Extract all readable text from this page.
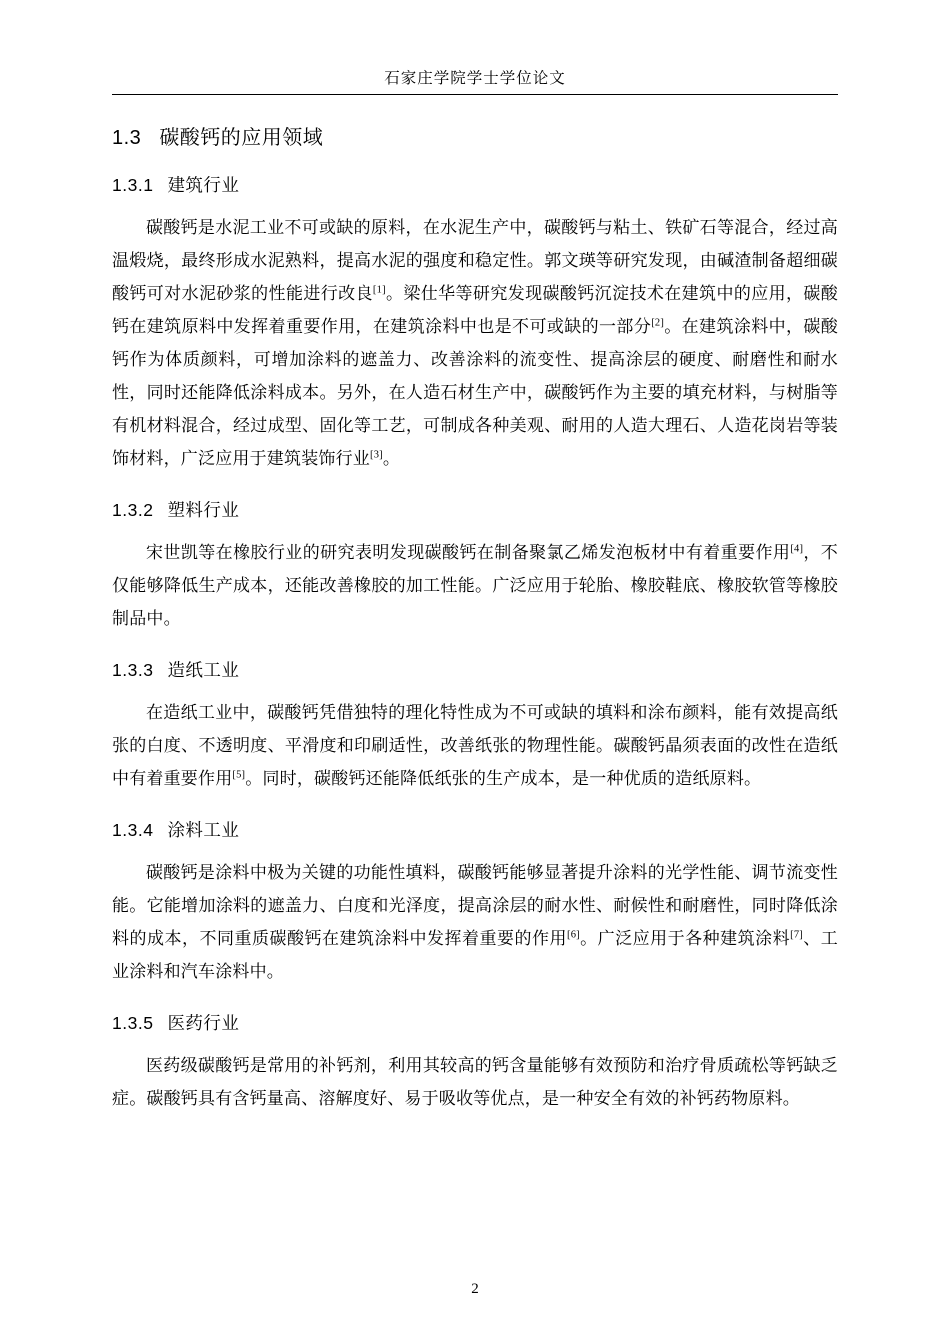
石家庄学院学士学位论文
1.3 碳酸钙的应用领域
1.3.1 建筑行业

碳酸钙是水泥工业不可或缺的原料，在水泥生产中，碳酸钙与粘土、铁矿石等混合，经过高温煅烧，最终形成水泥熟料，提高水泥的强度和稳定性。郭文瑛等研究发现，由碱渣制备超细碳酸钙可对水泥砂浆的性能进行改良[1]。梁仕华等研究发现碳酸钙沉淀技术在建筑中的应用，碳酸钙在建筑原料中发挥着重要作用，在建筑涂料中也是不可或缺的一部分[2]。在建筑涂料中，碳酸钙作为体质颜料，可增加涂料的遮盖力、改善涂料的流变性、提高涂层的硬度、耐磨性和耐水性，同时还能降低涂料成本。另外，在人造石材生产中，碳酸钙作为主要的填充材料，与树脂等有机材料混合，经过成型、固化等工艺，可制成各种美观、耐用的人造大理石、人造花岗岩等装饰材料，广泛应用于建筑装饰行业[3]。

1.3.2 塑料行业

宋世凯等在橡胶行业的研究表明发现碳酸钙在制备聚氯乙烯发泡板材中有着重要作用[4]，不仅能够降低生产成本，还能改善橡胶的加工性能。广泛应用于轮胎、橡胶鞋底、橡胶软管等橡胶制品中。

1.3.3 造纸工业

在造纸工业中，碳酸钙凭借独特的理化特性成为不可或缺的填料和涂布颜料，能有效提高纸张的白度、不透明度、平滑度和印刷适性，改善纸张的物理性能。碳酸钙晶须表面的改性在造纸中有着重要作用[5]。同时，碳酸钙还能降低纸张的生产成本，是一种优质的造纸原料。

1.3.4 涂料工业

碳酸钙是涂料中极为关键的功能性填料，碳酸钙能够显著提升涂料的光学性能、调节流变性能。它能增加涂料的遮盖力、白度和光泽度，提高涂层的耐水性、耐候性和耐磨性，同时降低涂料的成本，不同重质碳酸钙在建筑涂料中发挥着重要的作用[6]。广泛应用于各种建筑涂料[7]、工业涂料和汽车涂料中。

1.3.5 医药行业

医药级碳酸钙是常用的补钙剂，利用其较高的钙含量能够有效预防和治疗骨质疏松等钙缺乏症。碳酸钙具有含钙量高、溶解度好、易于吸收等优点，是一种安全有效的补钙药物原料。

2
